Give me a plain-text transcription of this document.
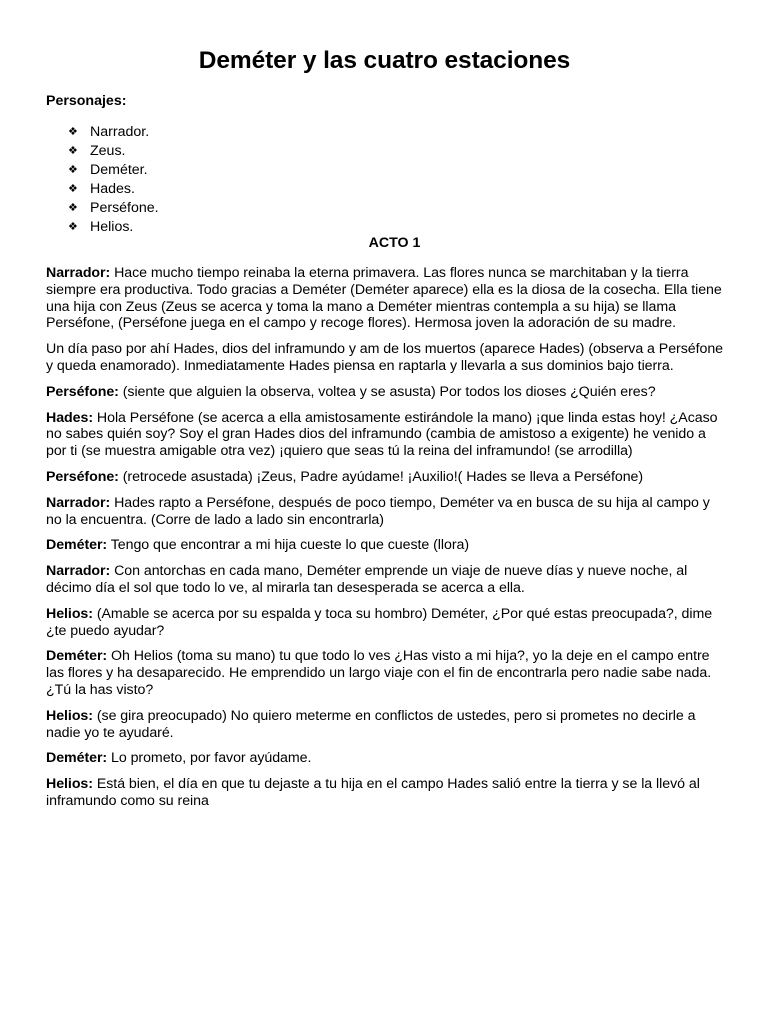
Deméter y las cuatro estaciones
Personajes:
❖ Narrador.
❖ Zeus.
❖ Deméter.
❖ Hades.
❖ Perséfone.
❖ Helios.
ACTO 1

Narrador: Hace mucho tiempo reinaba la eterna primavera. Las flores nunca se marchitaban y la tierra siempre era productiva. Todo gracias a Deméter (Deméter aparece) ella es la diosa de la cosecha. Ella tiene una hija con Zeus (Zeus se acerca y toma la mano a Deméter mientras contempla a su hija) se llama Perséfone, (Perséfone juega en el campo y recoge flores). Hermosa joven la adoración de su madre.

Un día paso por ahí Hades, dios del inframundo y am de los muertos (aparece Hades) (observa a Perséfone y queda enamorado). Inmediatamente Hades piensa en raptarla y llevarla a sus dominios bajo tierra.

Perséfone: (siente que alguien la observa, voltea y se asusta) Por todos los dioses ¿Quién eres?

Hades: Hola Perséfone (se acerca a ella amistosamente estirándole la mano) ¡que linda estas hoy! ¿Acaso no sabes quién soy? Soy el gran Hades dios del inframundo (cambia de amistoso a exigente) he venido a por ti (se muestra amigable otra vez) ¡quiero que seas tú la reina del inframundo! (se arrodilla)

Perséfone: (retrocede asustada) ¡Zeus, Padre ayúdame! ¡Auxilio!( Hades se lleva a Perséfone)

Narrador: Hades rapto a Perséfone, después de poco tiempo, Deméter va en busca de su hija al campo y no la encuentra. (Corre de lado a lado sin encontrarla)

Deméter: Tengo que encontrar a mi hija cueste lo que cueste (llora)

Narrador: Con antorchas en cada mano, Deméter emprende un viaje de nueve días y nueve noche, al décimo día el sol que todo lo ve, al mirarla tan desesperada se acerca a ella.

Helios: (Amable se acerca por su espalda y toca su hombro) Deméter, ¿Por qué estas preocupada?, dime ¿te puedo ayudar?

Deméter: Oh Helios (toma su mano) tu que todo lo ves ¿Has visto a mi hija?, yo la deje en el campo entre las flores y ha desaparecido. He emprendido un largo viaje con el fin de encontrarla pero nadie sabe nada. ¿Tú la has visto?

Helios: (se gira preocupado) No quiero meterme en conflictos de ustedes, pero si prometes no decirle a nadie yo te ayudaré.

Deméter: Lo prometo, por favor ayúdame.

Helios: Está bien, el día en que tu dejaste a tu hija en el campo Hades salió entre la tierra y se la llevó al inframundo como su reina
